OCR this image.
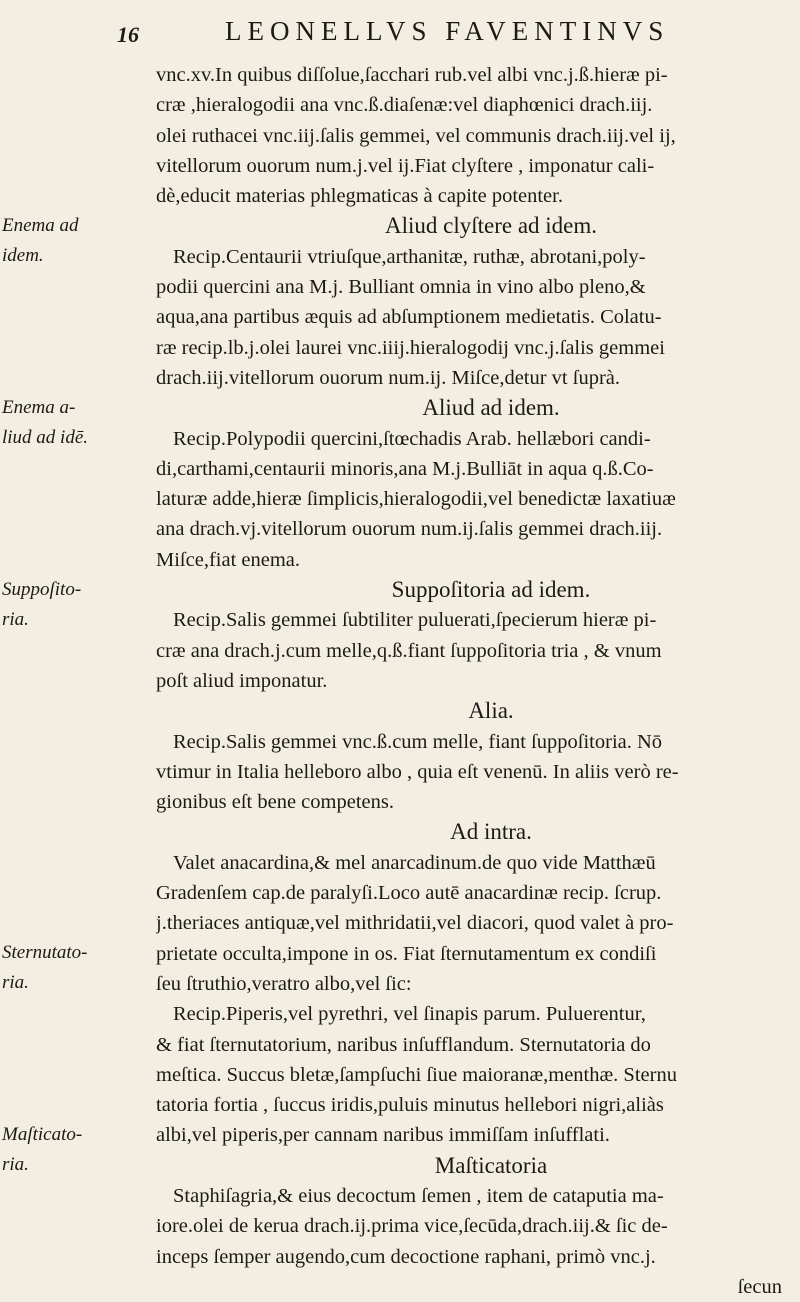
16	LEONELLVS FAVENTINVS
Enema ad
idem.
Enema a-
liud ad idē.
Suppoſito-
ria.
Sternutato-
ria.
Maſticato-
ria.
vnc.xv.In quibus diſſolue,ſacchari rub.vel albi vnc.j.ß.hieræ pi-
cræ ,hieralogodii ana vnc.ß.diaſenæ:vel diaphœnici drach.iij.
olei ruthacei vnc.iij.ſalis gemmei, vel communis drach.iij.vel ij,
vitellorum ouorum num.j.vel ij.Fiat clyſtere , imponatur cali-
dè,educit materias phlegmaticas à capite potenter.
Aliud clyſtere ad idem.
Recip.Centaurii vtriuſque,arthanitæ, ruthæ, abrotani,poly-
podii quercini ana M.j. Bulliant omnia in vino albo pleno,&
aqua,ana partibus æquis ad abſumptionem medietatis. Colatu-
ræ recip.lb.j.olei laurei vnc.iiij.hieralogodij vnc.j.ſalis gemmei
drach.iij.vitellorum ouorum num.ij. Miſce,detur vt ſuprà.
Aliud ad idem.
Recip.Polypodii quercini,ſtœchadis Arab. hellæbori candi-
di,carthami,centaurii minoris,ana M.j.Bulliāt in aqua q.ß.Co-
laturæ adde,hieræ ſimplicis,hieralogodii,vel benedictæ laxatiuæ
ana drach.vj.vitellorum ouorum num.ij.ſalis gemmei drach.iij.
Miſce,fiat enema.
Suppoſitoria ad idem.
Recip.Salis gemmei ſubtiliter puluerati,ſpecierum hieræ pi-
cræ ana drach.j.cum melle,q.ß.fiant ſuppoſitoria tria , & vnum
poſt aliud imponatur.
Alia.
Recip.Salis gemmei vnc.ß.cum melle, fiant ſuppoſitoria. Nō
vtimur in Italia helleboro albo , quia eſt venenū. In aliis verò re-
gionibus eſt bene competens.
Ad intra.
Valet anacardina,& mel anarcadinum.de quo vide Matthæū
Gradenſem cap.de paralyſi.Loco autē anacardinæ recip. ſcrup.
j.theriaces antiquæ,vel mithridatii,vel diacori, quod valet à pro-
prietate occulta,impone in os. Fiat ſternutamentum ex condiſi
ſeu ſtruthio,veratro albo,vel ſic:
Recip.Piperis,vel pyrethri, vel ſinapis parum. Puluerentur,
& fiat ſternutatorium, naribus inſufflandum. Sternutatoria do
meſtica. Succus bletæ,ſampſuchi ſiue maioranæ,menthæ. Sternu
tatoria fortia , ſuccus iridis,puluis minutus hellebori nigri,aliàs
albi,vel piperis,per cannam naribus immiſſam inſufflati.
Maſticatoria
Staphiſagria,& eius decoctum ſemen , item de cataputia ma-
iore.olei de kerua drach.ij.prima vice,ſecūda,drach.iij.& ſic de-
inceps ſemper augendo,cum decoctione raphani, primò vnc.j.
ſecun
